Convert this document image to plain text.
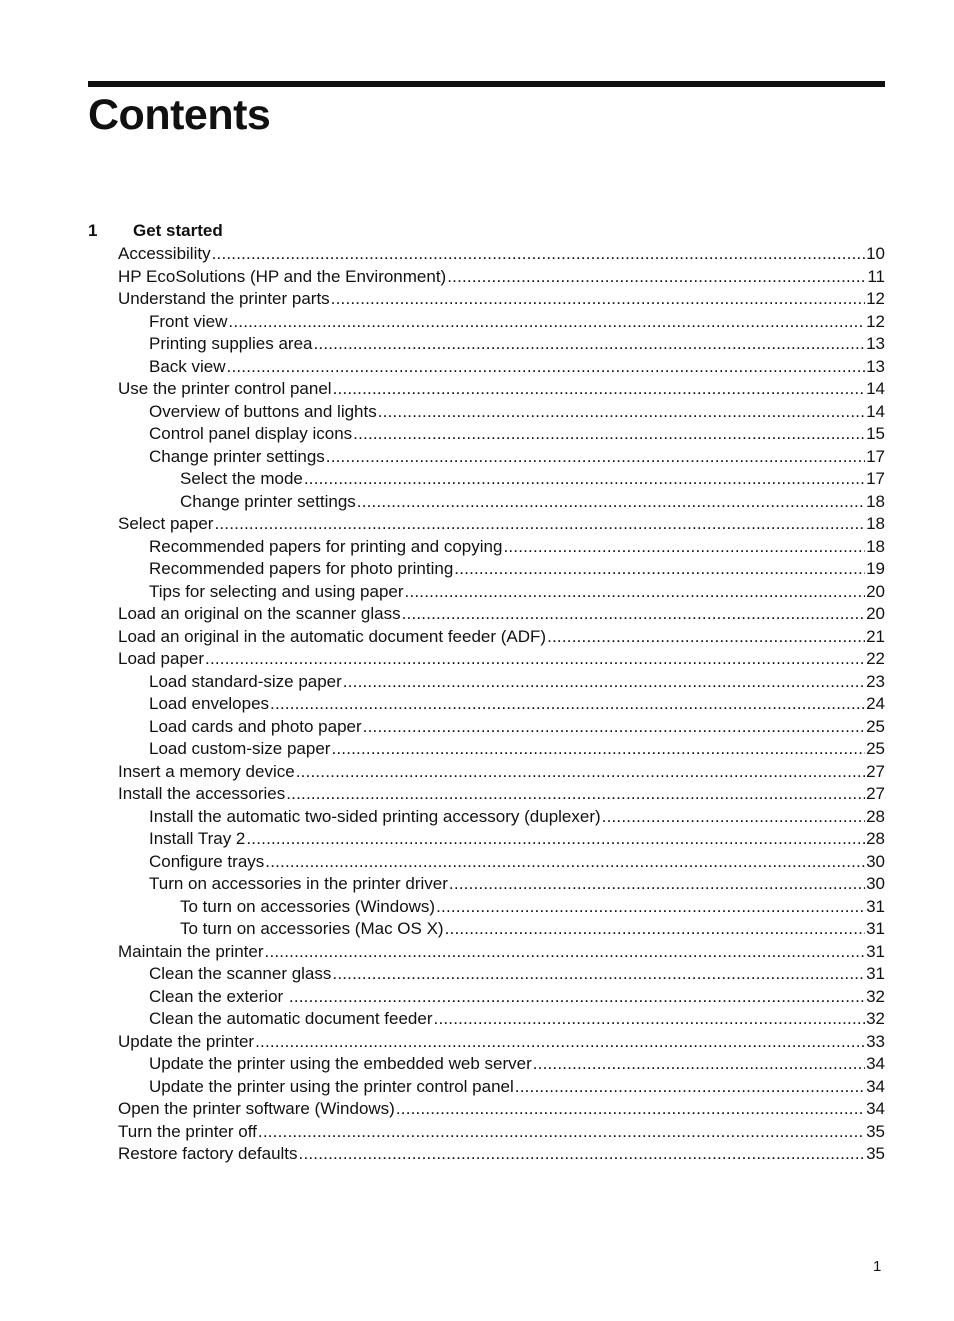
Contents
1 Get started
Accessibility .....	10
HP EcoSolutions (HP and the Environment) .....	11
Understand the printer parts .....	12
Front view .....	12
Printing supplies area .....	13
Back view .....	13
Use the printer control panel .....	14
Overview of buttons and lights .....	14
Control panel display icons .....	15
Change printer settings .....	17
Select the mode .....	17
Change printer settings .....	18
Select paper .....	18
Recommended papers for printing and copying .....	18
Recommended papers for photo printing .....	19
Tips for selecting and using paper .....	20
Load an original on the scanner glass .....	20
Load an original in the automatic document feeder (ADF) .....	21
Load paper .....	22
Load standard-size paper .....	23
Load envelopes .....	24
Load cards and photo paper .....	25
Load custom-size paper .....	25
Insert a memory device .....	27
Install the accessories .....	27
Install the automatic two-sided printing accessory (duplexer) .....	28
Install Tray 2 .....	28
Configure trays .....	30
Turn on accessories in the printer driver .....	30
To turn on accessories (Windows) .....	31
To turn on accessories (Mac OS X) .....	31
Maintain the printer .....	31
Clean the scanner glass .....	31
Clean the exterior .....	32
Clean the automatic document feeder .....	32
Update the printer .....	33
Update the printer using the embedded web server .....	34
Update the printer using the printer control panel .....	34
Open the printer software (Windows) .....	34
Turn the printer off .....	35
Restore factory defaults .....	35
1
